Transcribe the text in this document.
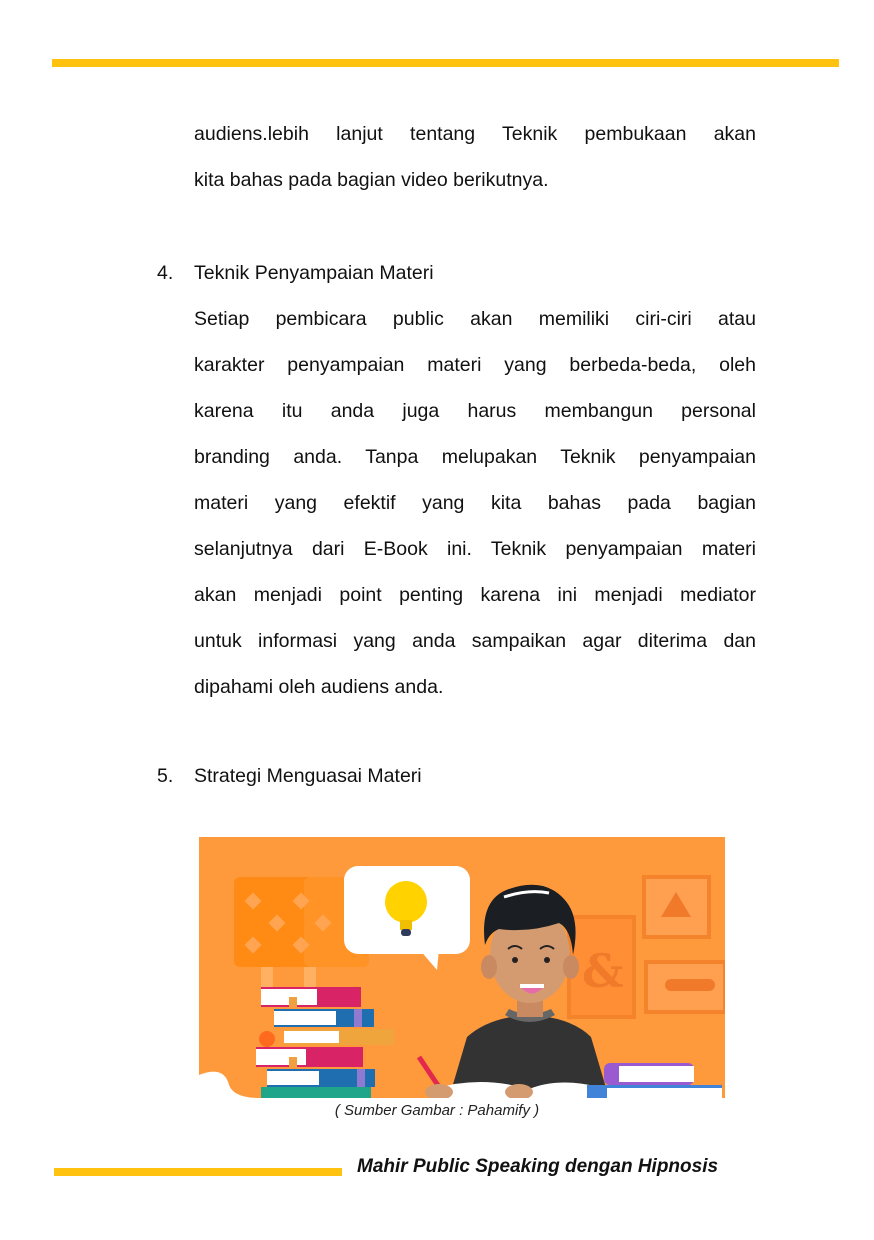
audiens.lebih lanjut tentang Teknik pembukaan akan
kita bahas pada bagian video berikutnya.
4. Teknik Penyampaian Materi
Setiap pembicara public akan memiliki ciri-ciri atau
karakter penyampaian materi yang berbeda-beda, oleh
karena itu anda juga harus membangun personal
branding anda. Tanpa melupakan Teknik penyampaian
materi yang efektif yang kita bahas pada bagian
selanjutnya dari E-Book ini. Teknik penyampaian materi
akan menjadi point penting karena ini menjadi mediator
untuk informasi yang anda sampaikan agar diterima dan
dipahami oleh audiens anda.
5. Strategi Menguasai Materi
&
( Sumber Gambar : Pahamify )
Mahir Public Speaking dengan Hipnosis
